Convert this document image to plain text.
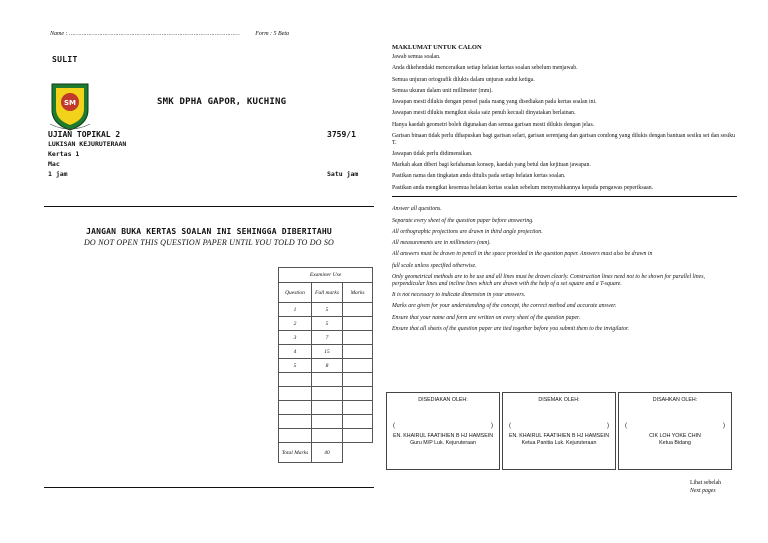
Name : ……………………………………………………………………………………	Form : 5 Beta
SULIT
SM	SMK DPHA GAPOR, KUCHING
UJIAN TOPIKAL 2	3759/1
LUKISAN KEJURUTERAAN
Kertas 1
Mac
1 jam	Satu jam
JANGAN BUKA KERTAS SOALAN INI SEHINGGA DIBERITAHU
DO NOT OPEN THIS QUESTION PAPER UNTIL YOU TOLD TO DO SO
Examiner Use		
Question	Full marks	Marks
1	5	
2	5	
3	7	
4	15	
5	8	

Total Marks	40	
MAKLUMAT UNTUK CALON
Jawab semua soalan.
Anda dikehendaki menceraikan setiap helaian kertas soalan sebelum menjawab.
Semua unjuran ortografik dilukis dalam unjuran sudut ketiga.
Semua ukuran dalam unit millimeter (mm).
Jawapan mesti dilukis dengan pensel pada ruang yang disediakan pada kertas soalan ini.
Jawapan mesti dilukis mengikut skala saiz penuh kecuali dinyatakan berlainan.
Hanya kaedah geometri boleh digunakan dan semua garisan mesti dilukis dengan jelas.
Garisan binaan tidak perlu dihapuskan bagi garisan selari, garisan serenjang dan garisan condong yang dilukis dengan bantuan sesiku set dan sesiku T.
Jawapan tidak perlu didimensikan.
Markah akan diberi bagi kefahaman konsep, kaedah yang betul dan kejituan jawapan.
Pastikan nama dan tingkatan anda ditulis pada setiap helaian kertas soalan.
Pastikan anda mengikat kesemua helaian kertas soalan sebelum menyerahkannya kepada pengawas peperiksaan.
Answer all questions.
Separate every sheet of the question paper before answering.
All orthographic projections are drawn in third angle projection.
All measurements are in millimeters (mm).
All answers must be drawn in pencil in the space provided in the question paper. Answers must also be drawn in
full scale unless specified otherwise.
Only geometrical methods are to be use and all lines must be drawn clearly. Construction lines need not to be shown for parallel lines, perpendicular lines and incline lines which are drawn with the help of a set square and a T-square.
It is not necessary to indicate dimension in your answers.
Marks are given for your understanding of the concept, the correct method and accurate answer.
Ensure that your name and form are written on every sheet of the question paper.
Ensure that all sheets of the question paper are tied together before you submit them to the invigilator.
DISEDIAKAN OLEH:
(	)
EN. KHAIRUL FAATIHIEN B HJ HAMSEIN
Guru M/P Luk. Kejuruteraan
DISEMAK OLEH:
(	)
EN. KHAIRUL FAATIHIEN B HJ HAMSEIN
Ketua Panitia Luk. Kejuruteraan
DISAHKAN OLEH:
(	)
CIK LOH YOKE CHIN
Ketua Bidang
Lihat sebelah
Next pages
